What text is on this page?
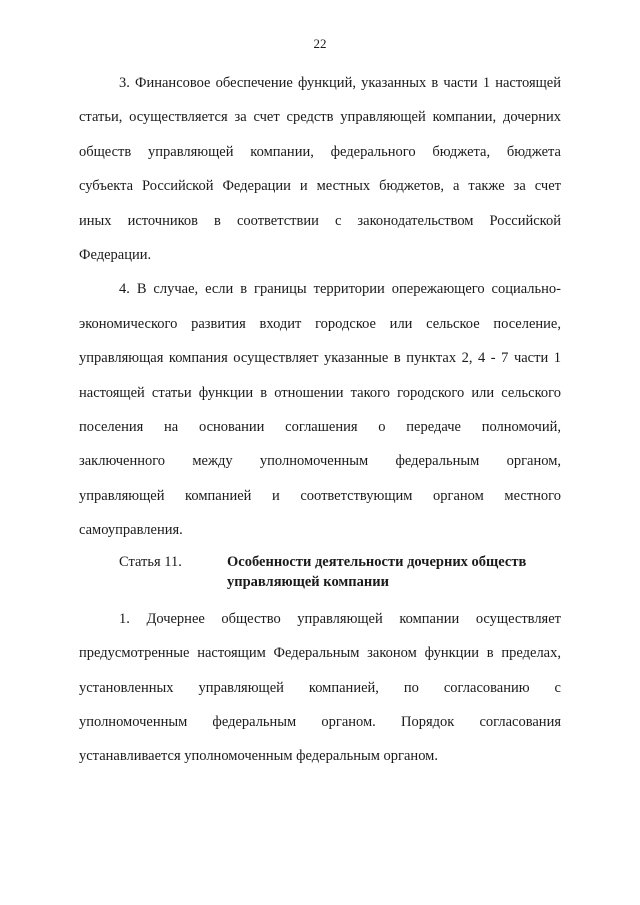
22
3. Финансовое обеспечение функций, указанных в части 1 настоящей
статьи, осуществляется за счет средств управляющей компании, дочерних
обществ управляющей компании, федерального бюджета, бюджета
субъекта Российской Федерации и местных бюджетов, а также за счет
иных источников в соответствии с законодательством Российской
Федерации.
4. В случае, если в границы территории опережающего социально-
экономического развития входит городское или сельское поселение,
управляющая компания осуществляет указанные в пунктах 2, 4 - 7 части 1
настоящей статьи функции в отношении такого городского или сельского
поселения на основании соглашения о передаче полномочий,
заключенного между уполномоченным федеральным органом,
управляющей компанией и соответствующим органом местного
самоуправления.
Статья 11.	Особенности деятельности дочерних обществ
управляющей компании
1. Дочернее общество управляющей компании осуществляет
предусмотренные настоящим Федеральным законом функции в пределах,
установленных управляющей компанией, по согласованию с
уполномоченным федеральным органом. Порядок согласования
устанавливается уполномоченным федеральным органом.
